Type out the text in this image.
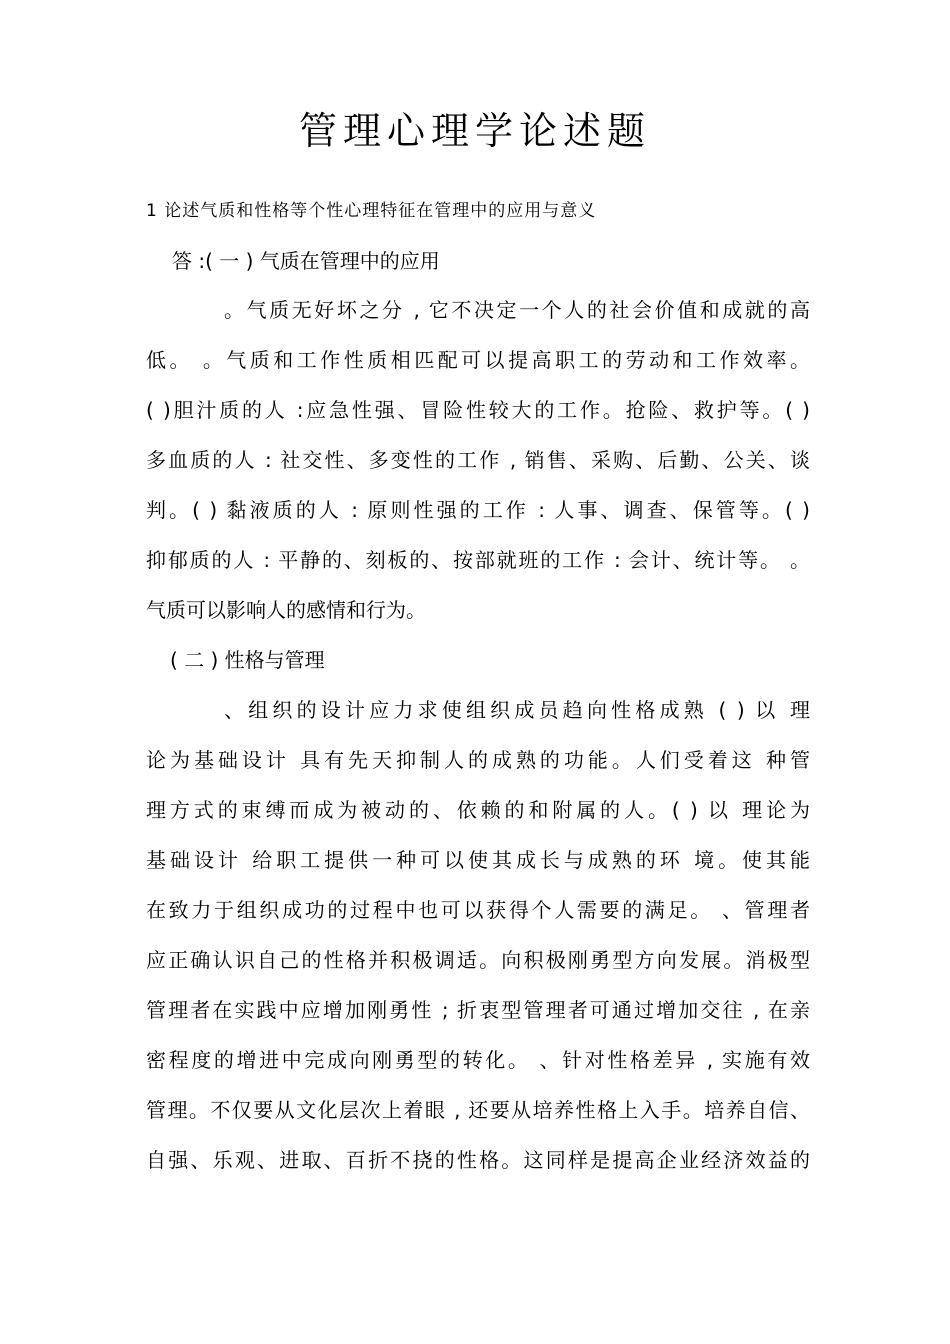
管理心理学论述题
1 论述气质和性格等个性心理特征在管理中的应用与意义
答 :( 一 ) 气质在管理中的应用
。气质无好坏之分 , 它不决定一个人的社会价值和成就的高
低。 。气质和工作性质相匹配可以提高职工的劳动和工作效率。
( )胆汁质的人 :应急性强、冒险性较大的工作。抢险、救护等。( )
多血质的人 : 社交性、多变性的工作 , 销售、采购、后勤、公关、谈
判。( ) 黏液质的人 : 原则性强的工作 : 人事、调查、保管等。( )
抑郁质的人 : 平静的、刻板的、按部就班的工作 : 会计、统计等。 。
气质可以影响人的感情和行为。
( 二 ) 性格与管理
、组织的设计应力求使组织成员趋向性格成熟 ( ) 以 理
论为基础设计 具有先天抑制人的成熟的功能。人们受着这 种管
理方式的束缚而成为被动的、依赖的和附属的人。( ) 以 理论为
基础设计 给职工提供一种可以使其成长与成熟的环 境。使其能
在致力于组织成功的过程中也可以获得个人需要的满足。 、管理者
应正确认识自己的性格并积极调适。向积极刚勇型方向发展。消极型
管理者在实践中应增加刚勇性 ; 折衷型管理者可通过增加交往 , 在亲
密程度的增进中完成向刚勇型的转化。 、针对性格差异 , 实施有效
管理。不仅要从文化层次上着眼 , 还要从培养性格上入手。培养自信、
自强、乐观、进取、百折不挠的性格。这同样是提高企业经济效益的
